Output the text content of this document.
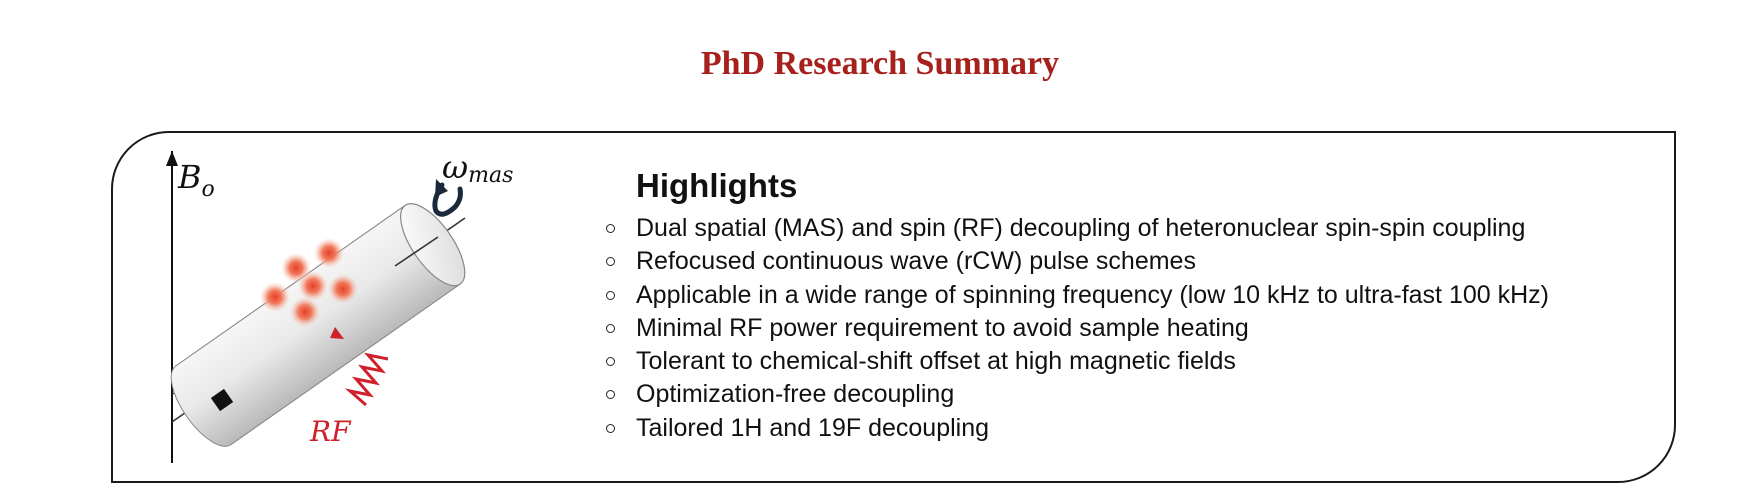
PhD Research Summary
$B_o$
ωmas
RF
Highlights
Dual spatial (MAS) and spin (RF) decoupling of heteronuclear spin-spin coupling
Refocused continuous wave (rCW) pulse schemes
Applicable in a wide range of spinning frequency (low 10 kHz to ultra-fast 100 kHz)
Minimal RF power requirement to avoid sample heating
Tolerant to chemical-shift offset at high magnetic fields
Optimization-free decoupling
Tailored 1H and 19F decoupling
